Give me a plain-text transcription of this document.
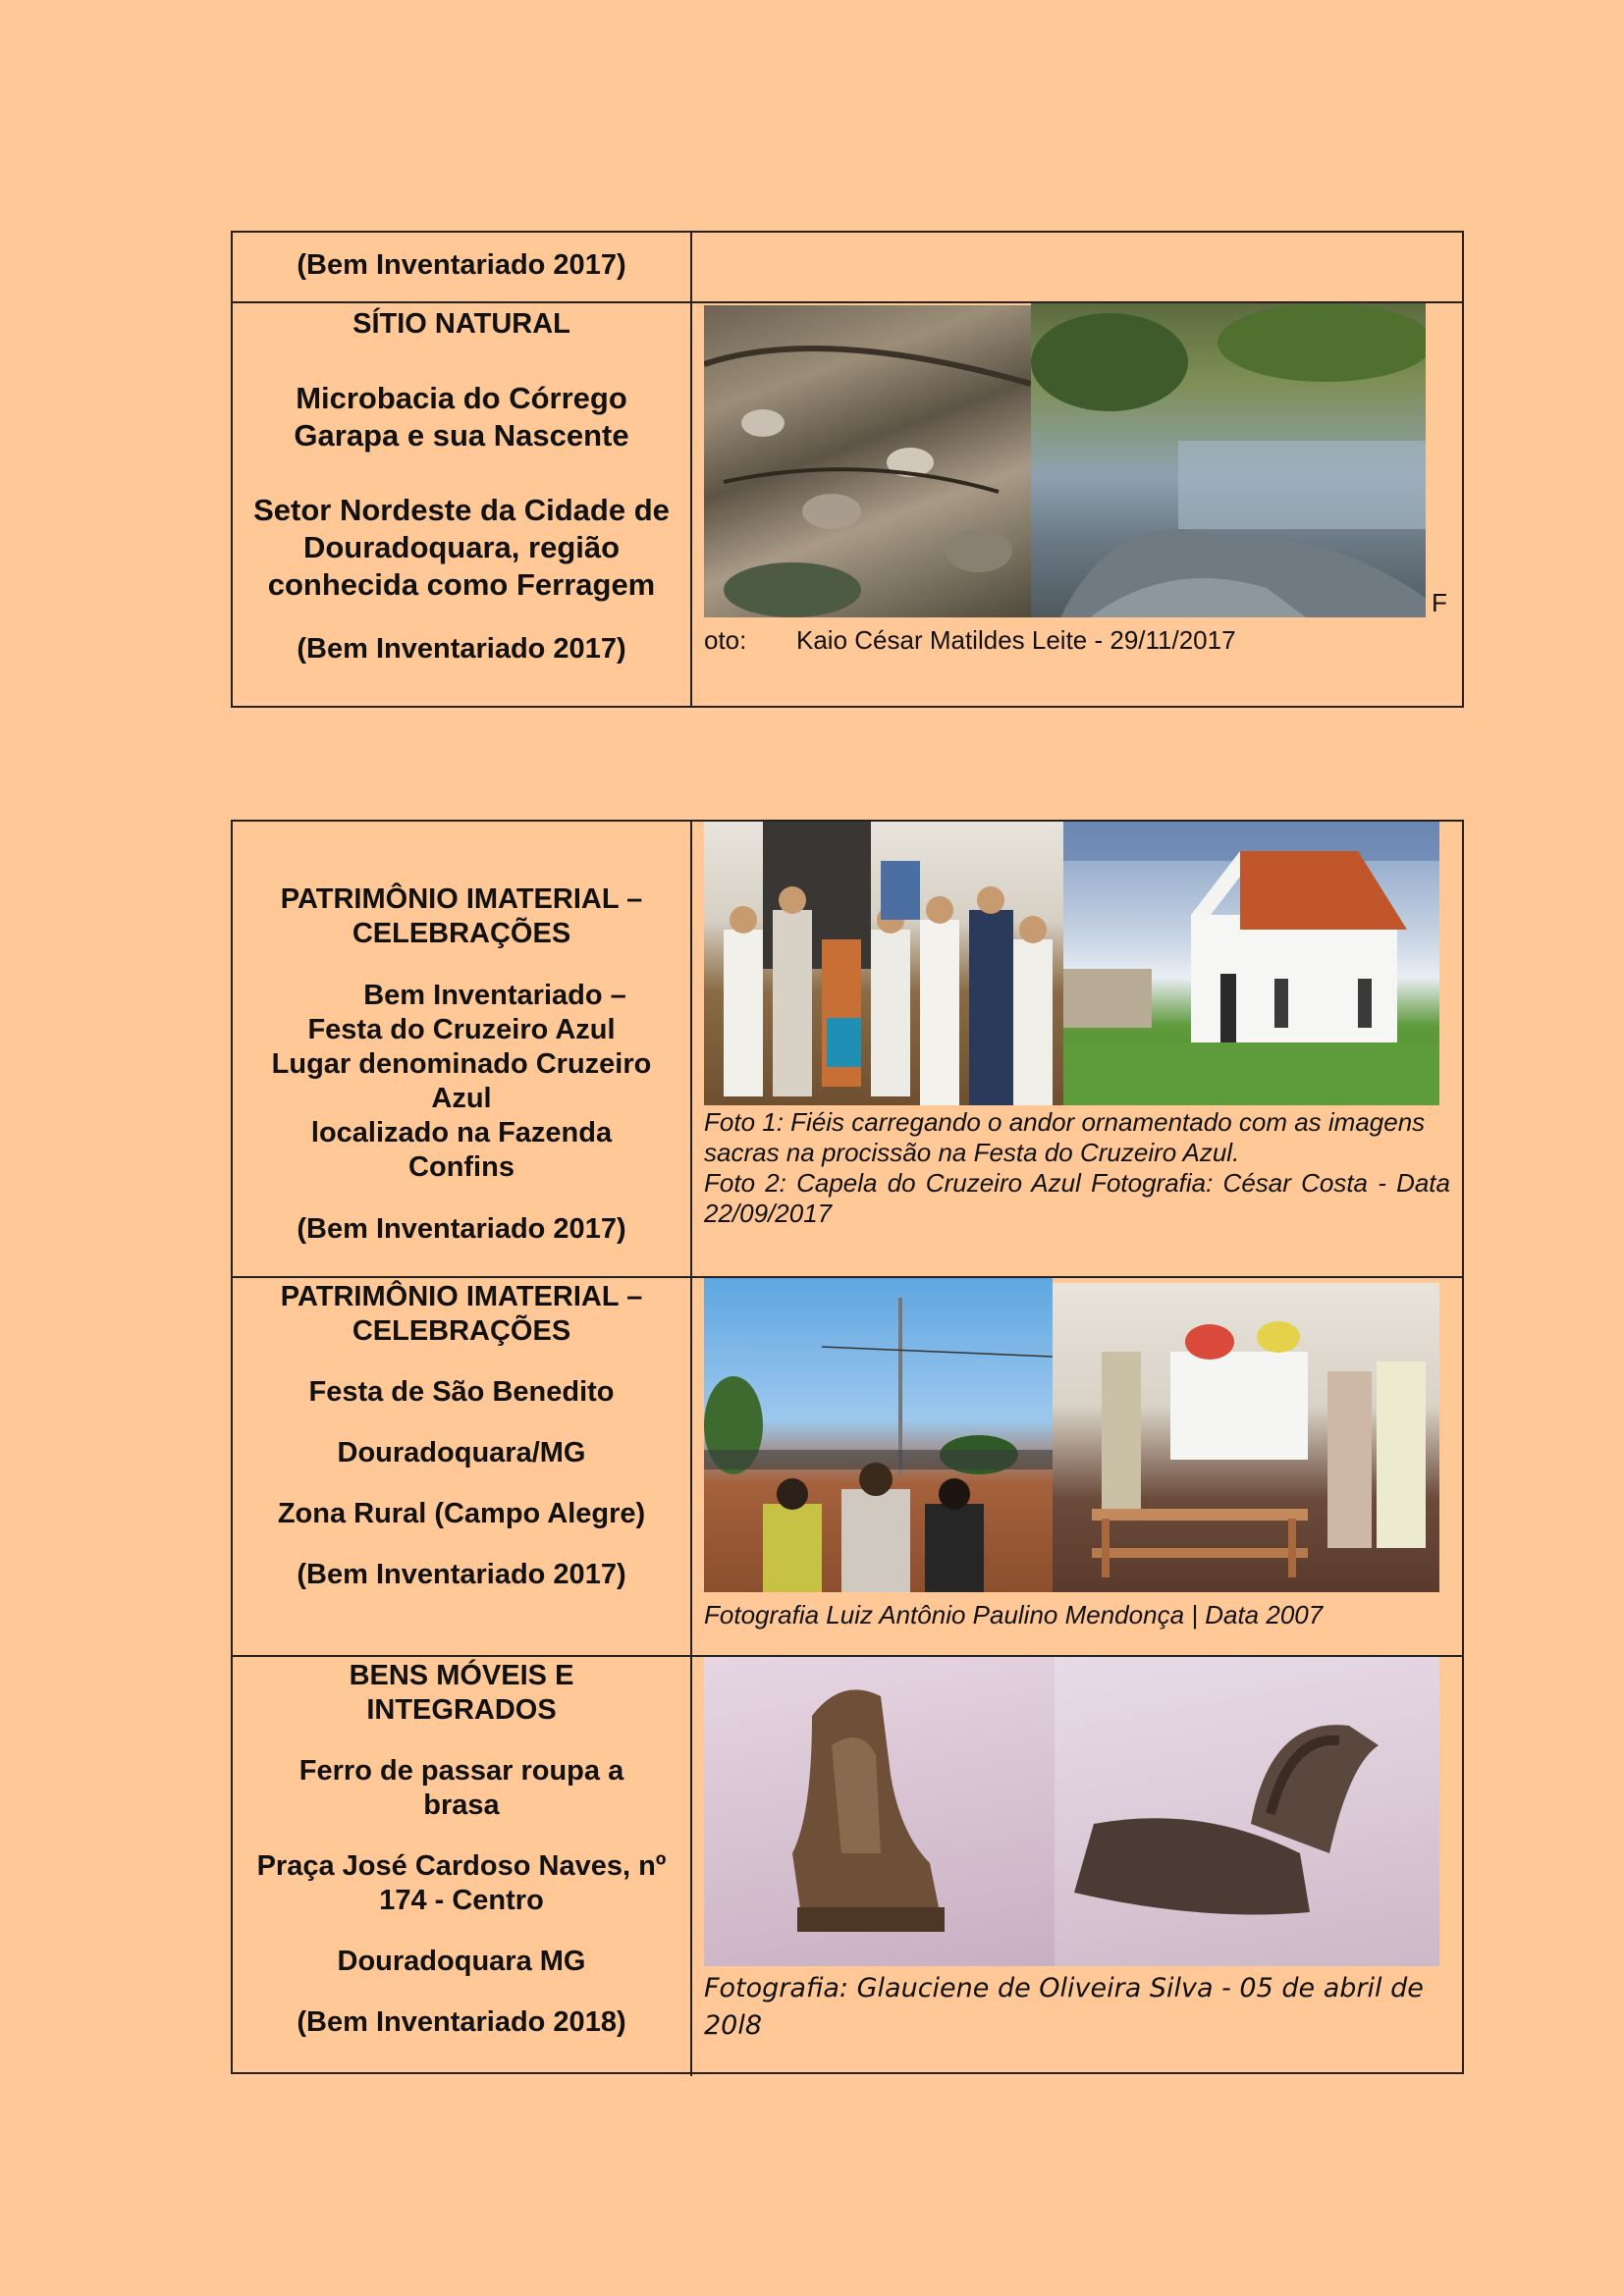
(Bem Inventariado 2017)
SÍTIO NATURAL
Microbacia do Córrego Garapa e sua Nascente
Setor Nordeste da Cidade de Douradoquara, região conhecida como Ferragem
(Bem Inventariado 2017)
F
oto: Kaio César Matildes Leite - 29/11/2017
PATRIMÔNIO IMATERIAL – CELEBRAÇÕES
Bem Inventariado –
Festa do Cruzeiro Azul
Lugar denominado Cruzeiro Azul
localizado na Fazenda Confins
(Bem Inventariado 2017)
Foto 1: Fiéis carregando o andor ornamentado com as imagens sacras na procissão na Festa do Cruzeiro Azul.
Foto 2: Capela do Cruzeiro Azul Fotografia: César Costa - Data 22/09/2017
PATRIMÔNIO IMATERIAL – CELEBRAÇÕES
Festa de São Benedito
Douradoquara/MG
Zona Rural (Campo Alegre)
(Bem Inventariado 2017)
Fotografia Luiz Antônio Paulino Mendonça | Data 2007
BENS MÓVEIS E INTEGRADOS
Ferro de passar roupa a brasa
Praça José Cardoso Naves, nº 174 - Centro
Douradoquara MG
(Bem Inventariado 2018)
Fotografia: Glauciene de Oliveira Silva - 05 de abril de 20l8
